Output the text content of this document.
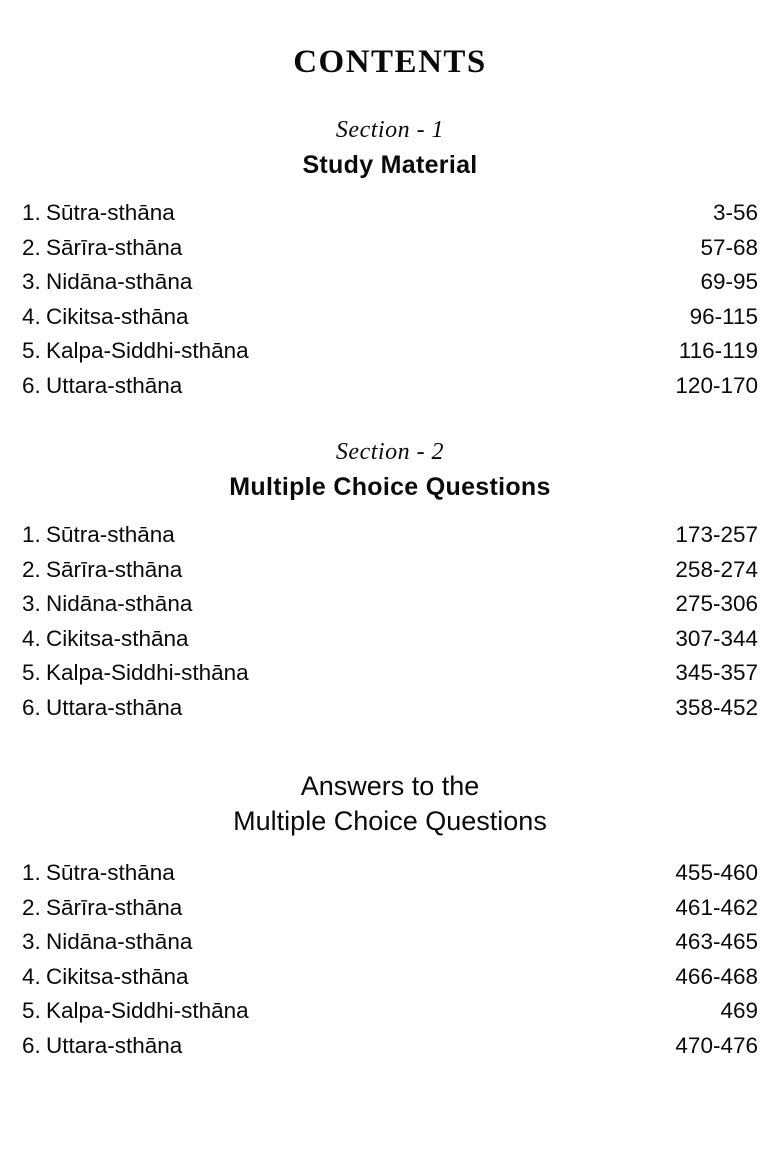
CONTENTS
Section - 1
Study Material
1. Sūtra-sthāna	3-56
2. Sārīra-sthāna	57-68
3. Nidāna-sthāna	69-95
4. Cikitsa-sthāna	96-115
5. Kalpa-Siddhi-sthāna	116-119
6. Uttara-sthāna	120-170
Section - 2
Multiple Choice Questions
1. Sūtra-sthāna	173-257
2. Sārīra-sthāna	258-274
3. Nidāna-sthāna	275-306
4. Cikitsa-sthāna	307-344
5. Kalpa-Siddhi-sthāna	345-357
6. Uttara-sthāna	358-452
Answers to the
Multiple Choice Questions
1. Sūtra-sthāna	455-460
2. Sārīra-sthāna	461-462
3. Nidāna-sthāna	463-465
4. Cikitsa-sthāna	466-468
5. Kalpa-Siddhi-sthāna	469
6. Uttara-sthāna	470-476
